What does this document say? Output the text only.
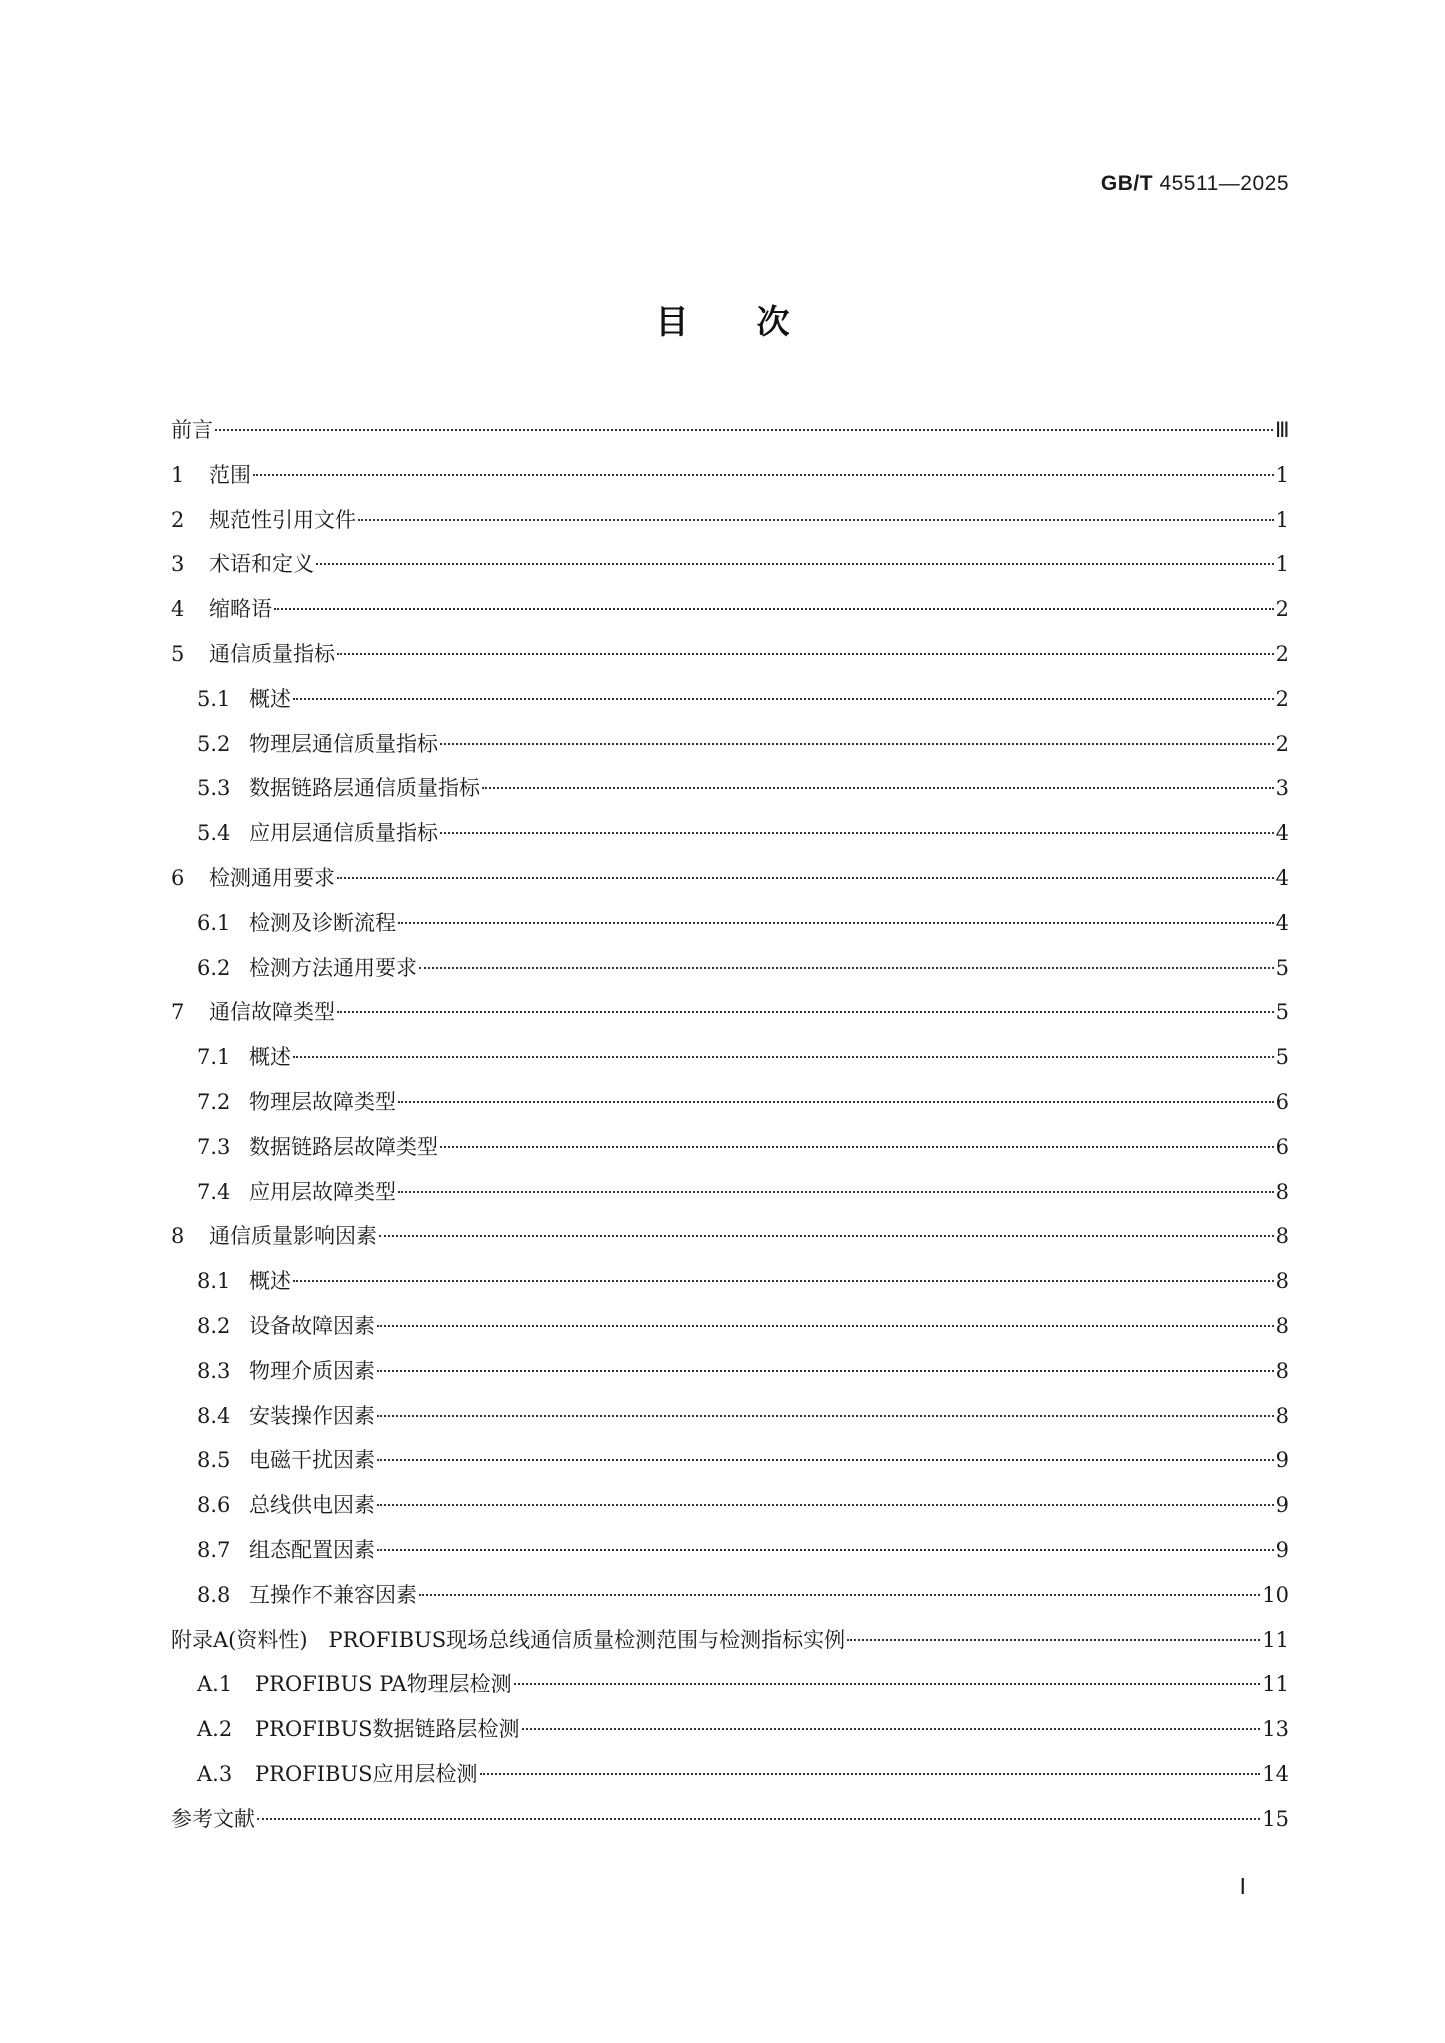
GB/T 45511—2025
目次
前言	Ⅲ
1	范围	1
2	规范性引用文件	1
3	术语和定义	1
4	缩略语	2
5	通信质量指标	2
5.1 概述	2
5.2 物理层通信质量指标	2
5.3 数据链路层通信质量指标	3
5.4 应用层通信质量指标	4
6	检测通用要求	4
6.1 检测及诊断流程	4
6.2 检测方法通用要求	5
7	通信故障类型	5
7.1 概述	5
7.2 物理层故障类型	6
7.3 数据链路层故障类型	6
7.4 应用层故障类型	8
8	通信质量影响因素	8
8.1 概述	8
8.2 设备故障因素	8
8.3 物理介质因素	8
8.4 安装操作因素	8
8.5 电磁干扰因素	9
8.6 总线供电因素	9
8.7 组态配置因素	9
8.8 互操作不兼容因素	10
附录A(资料性)　PROFIBUS现场总线通信质量检测范围与检测指标实例	11
A.1 PROFIBUS PA物理层检测	11
A.2 PROFIBUS数据链路层检测	13
A.3 PROFIBUS应用层检测	14
参考文献	15
Ⅰ
